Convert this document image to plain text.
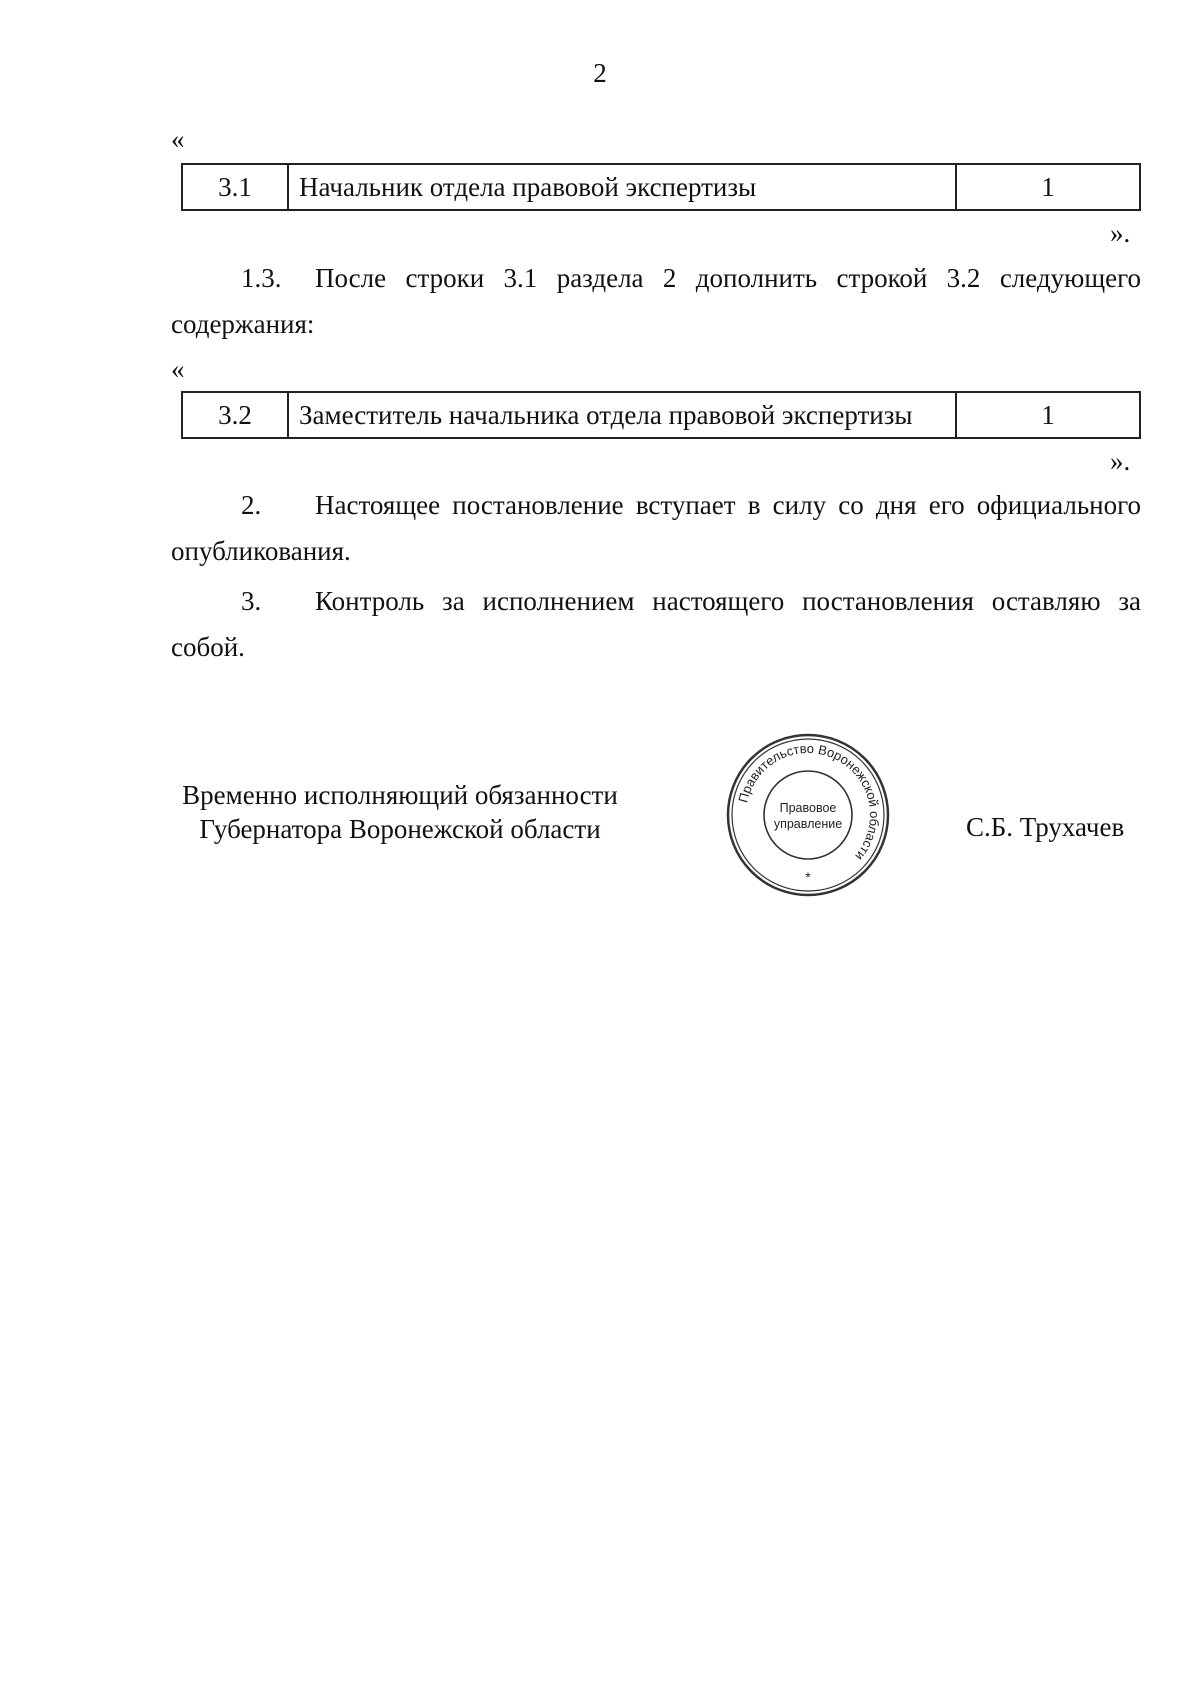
2
«
3.1	Начальник отдела правовой экспертизы	1
».
1.3. После строки 3.1 раздела 2 дополнить строкой 3.2 следующего содержания:
«
3.2	Заместитель начальника отдела правовой экспертизы	1
».
2. Настоящее постановление вступает в силу со дня его официального опубликования.
3. Контроль за исполнением настоящего постановления оставляю за собой.
Временно исполняющий обязанности
Губернатора Воронежской области
Правительство Воронежской области
Правовое
управление
*
С.Б. Трухачев
